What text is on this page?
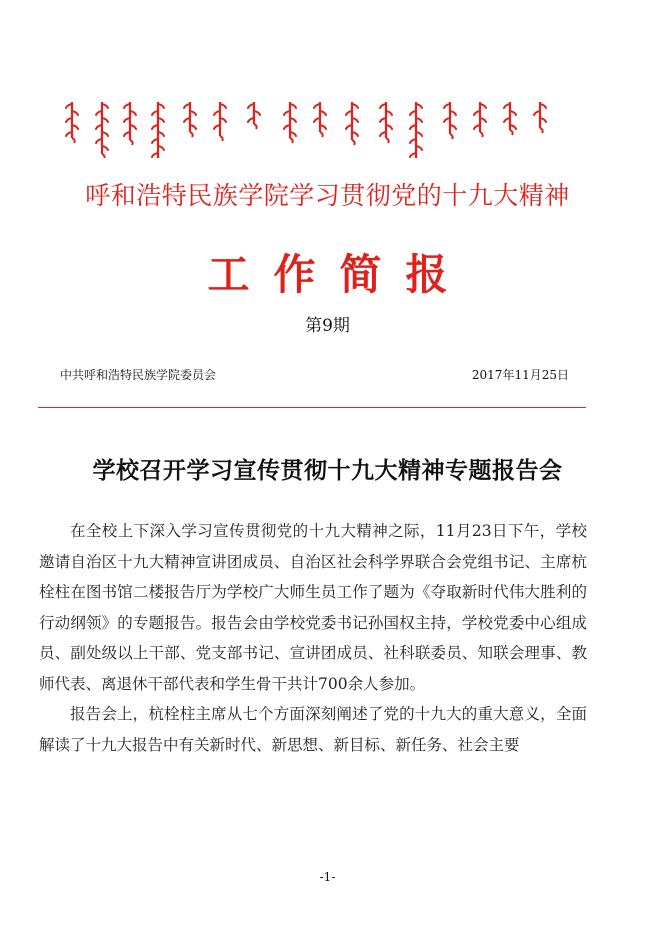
呼和浩特民族学院学习贯彻党的十九大精神
工作简报
第9期
中共呼和浩特民族学院委员会	2017年11月25日
学校召开学习宣传贯彻十九大精神专题报告会

在全校上下深入学习宣传贯彻党的十九大精神之际，11月23日下午，学校邀请自治区十九大精神宣讲团成员、自治区社会科学界联合会党组书记、主席杭栓柱在图书馆二楼报告厅为学校广大师生员工作了题为《夺取新时代伟大胜利的行动纲领》的专题报告。报告会由学校党委书记孙国权主持，学校党委中心组成员、副处级以上干部、党支部书记、宣讲团成员、社科联委员、知联会理事、教师代表、离退休干部代表和学生骨干共计700余人参加。

报告会上，杭栓柱主席从七个方面深刻阐述了党的十九大的重大意义，全面解读了十九大报告中有关新时代、新思想、新目标、新任务、社会主要

-1-
